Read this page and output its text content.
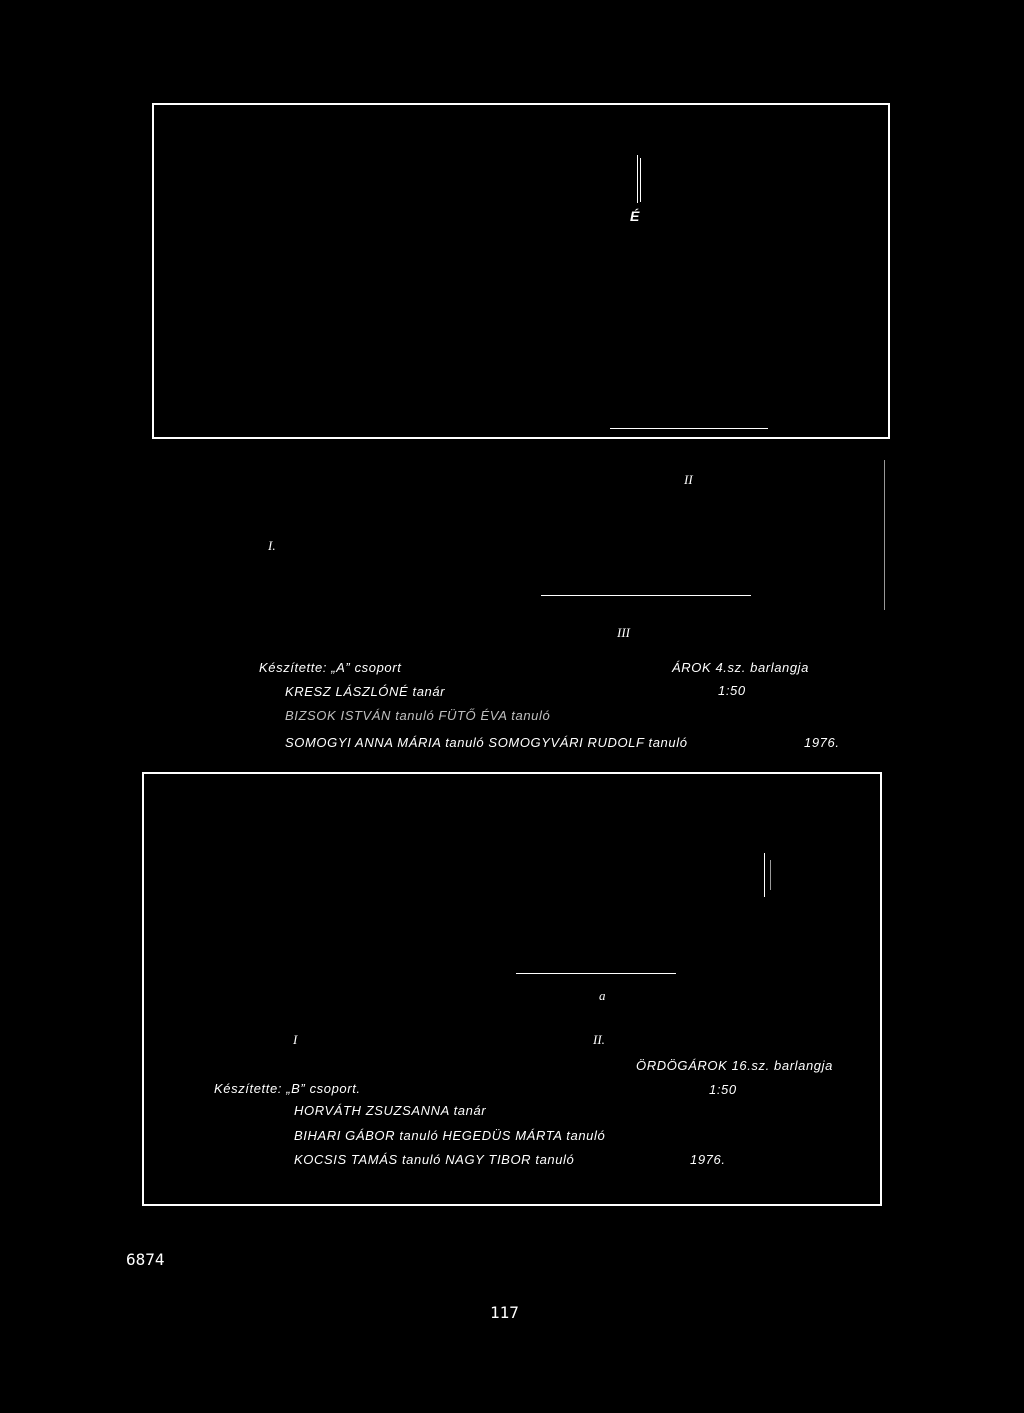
É
II
I.
III
Készítette: „A” csoport	ÁROK 4.sz. barlangja
KRESZ LÁSZLÓNÉ tanár	1:50
BIZSOK ISTVÁN tanuló FÜTŐ ÉVA tanuló
SOMOGYI ANNA MÁRIA tanuló SOMOGYVÁRI RUDOLF tanuló	1976.
a
I	II.
ÖRDÖGÁROK 16.sz. barlangja
Készítette: „B” csoport.	1:50
HORVÁTH ZSUZSANNA tanár
BIHARI GÁBOR tanuló HEGEDÜS MÁRTA tanuló
KOCSIS TAMÁS tanuló NAGY TIBOR tanuló	1976.
6874
117
